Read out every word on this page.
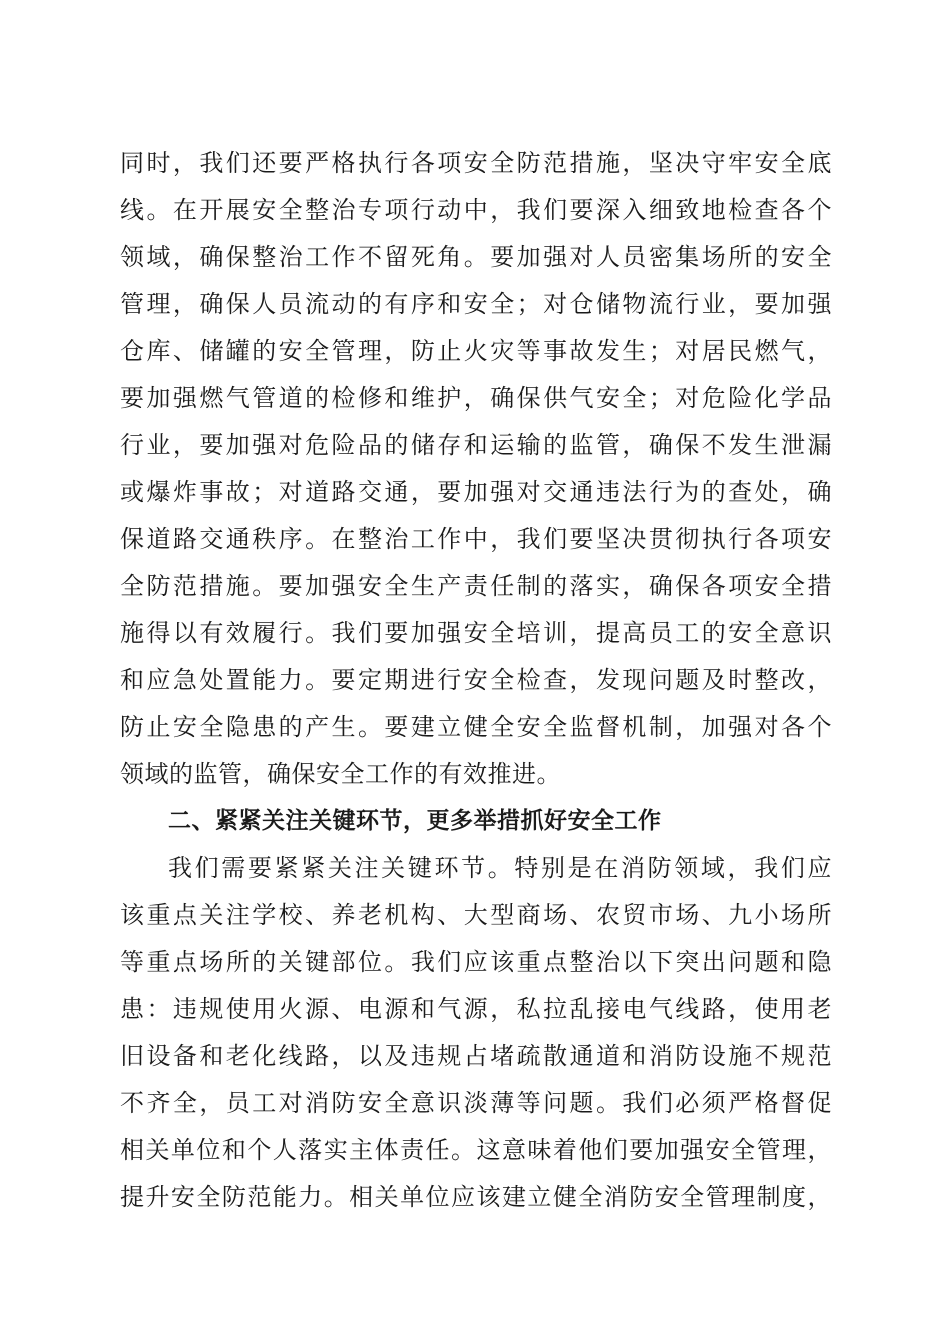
同时，我们还要严格执行各项安全防范措施，坚决守牢安全底
线。在开展安全整治专项行动中，我们要深入细致地检查各个
领域，确保整治工作不留死角。要加强对人员密集场所的安全
管理，确保人员流动的有序和安全；对仓储物流行业，要加强
仓库、储罐的安全管理，防止火灾等事故发生；对居民燃气，
要加强燃气管道的检修和维护，确保供气安全；对危险化学品
行业，要加强对危险品的储存和运输的监管，确保不发生泄漏
或爆炸事故；对道路交通，要加强对交通违法行为的查处，确
保道路交通秩序。在整治工作中，我们要坚决贯彻执行各项安
全防范措施。要加强安全生产责任制的落实，确保各项安全措
施得以有效履行。我们要加强安全培训，提高员工的安全意识
和应急处置能力。要定期进行安全检查，发现问题及时整改，
防止安全隐患的产生。要建立健全安全监督机制，加强对各个
领域的监管，确保安全工作的有效推进。
二、紧紧关注关键环节，更多举措抓好安全工作
我们需要紧紧关注关键环节。特别是在消防领域，我们应
该重点关注学校、养老机构、大型商场、农贸市场、九小场所
等重点场所的关键部位。我们应该重点整治以下突出问题和隐
患：违规使用火源、电源和气源，私拉乱接电气线路，使用老
旧设备和老化线路，以及违规占堵疏散通道和消防设施不规范
不齐全，员工对消防安全意识淡薄等问题。我们必须严格督促
相关单位和个人落实主体责任。这意味着他们要加强安全管理，
提升安全防范能力。相关单位应该建立健全消防安全管理制度，
